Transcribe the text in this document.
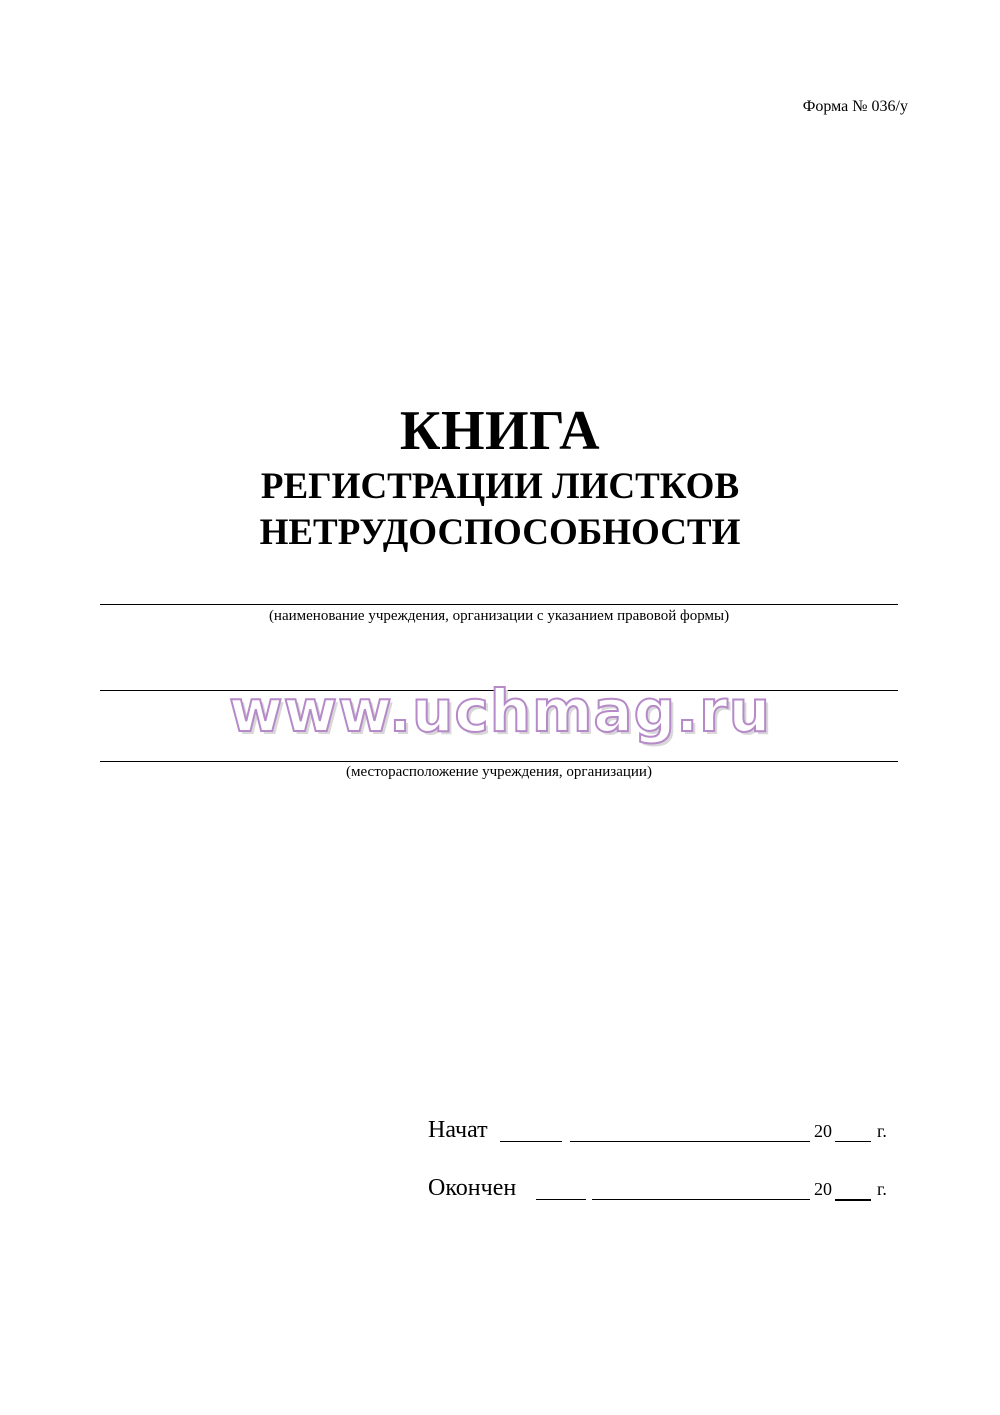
Форма № 036/у
КНИГА
РЕГИСТРАЦИИ ЛИСТКОВ
НЕТРУДОСПОСОБНОСТИ
(наименование учреждения, организации с указанием правовой формы)
www.uchmag.ru
(месторасположение учреждения, организации)
Начат	20	г.
Окончен	20	г.
